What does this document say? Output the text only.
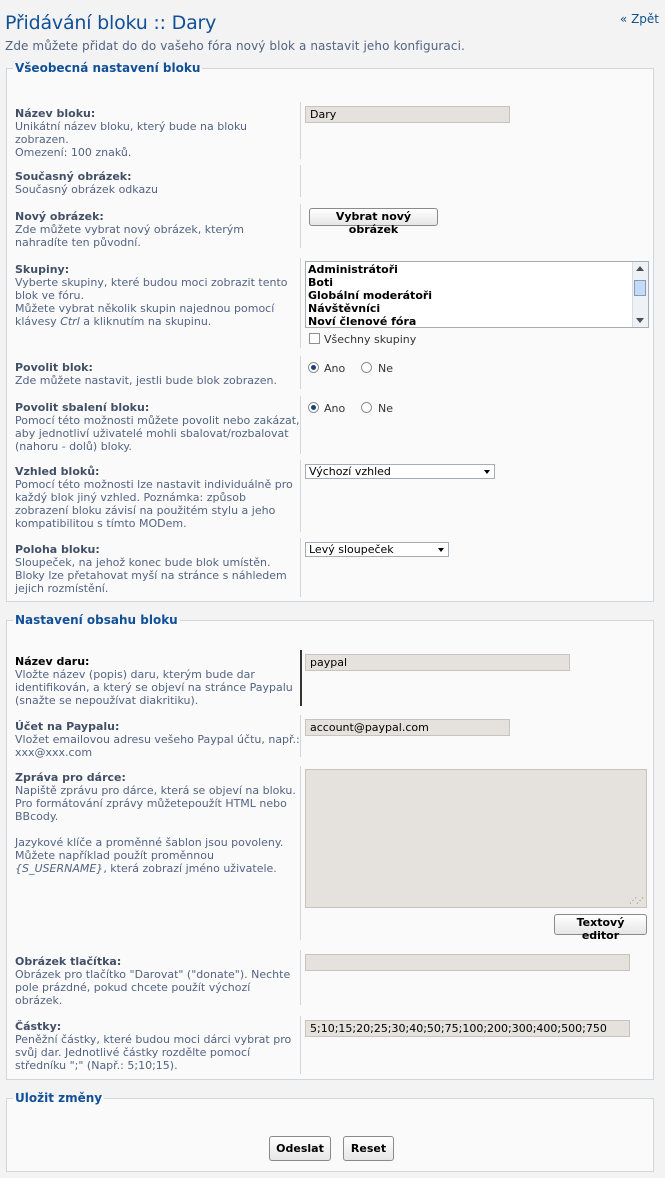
Přidávání bloku :: Dary	« Zpět
Zde můžete přidat do do vašeho fóra nový blok a nastavit jeho konfiguraci.
Všeobecná nastavení bloku
Název bloku:

Unikátní název bloku, který bude na bloku zobrazen.

Omezení: 100 znaků.

Dary
Současný obrázek:

Současný obrázek odkazu

Nový obrázek:

Zde můžete vybrat nový obrázek, kterým nahradíte ten původní.

Vybrat nový obrázek
Skupiny:

Vyberte skupiny, které budou moci zobrazit tento blok ve fóru.

Můžete vybrat několik skupin najednou pomocí klávesy Ctrl a kliknutím na skupinu.

Administrátoři
Boti
Globální moderátoři
Návštěvníci
Noví členové fóra
Všechny skupiny
Povolit blok:

Zde můžete nastavit, jestli bude blok zobrazen.

Ano	Ne
Povolit sbalení bloku:

Pomocí této možnosti můžete povolit nebo zakázat, aby jednotliví uživatelé mohli sbalovat/rozbalovat (nahoru - dolů) bloky.

Ano	Ne
Vzhled bloků:

Pomocí této možnosti lze nastavit individuálně pro každý blok jiný vzhled. Poznámka: způsob zobrazení bloku závisí na použitém stylu a jeho kompatibilitou s tímto MODem.

Výchozí vzhled
Poloha bloku:

Sloupeček, na jehož konec bude blok umístěn. Bloky lze přetahovat myší na stránce s náhledem jejich rozmístění.

Levý sloupeček
Nastavení obsahu bloku
Název daru:

Vložte název (popis) daru, kterým bude dar identifikován, a který se objeví na stránce Paypalu (snažte se nepoužívat diakritiku).

paypal
Účet na Paypalu:

Vložet emailovou adresu vešeho Paypal účtu, např.: xxx@xxx.com

account@paypal.com
Zpráva pro dárce:

Napiště zprávu pro dárce, která se objeví na bloku.

Pro formátování zprávy můžetepoužít HTML nebo BBcody.

Jazykové klíče a proměnné šablon jsou povoleny. Můžete například použít proměnnou {S_USERNAME}, která zobrazí jméno uživatele.

⋰⋰
Textový editor
Obrázek tlačítka:

Obrázek pro tlačítko "Darovat" ("donate"). Nechte pole prázdné, pokud chcete použít výchozí obrázek.

Částky:

Peněžní částky, které budou moci dárci vybrat pro svůj dar. Jednotlivé částky rozdělte pomocí středníku ";" (Např.: 5;10;15).

5;10;15;20;25;30;40;50;75;100;200;300;400;500;750
Uložit změny
Odeslat	Reset
